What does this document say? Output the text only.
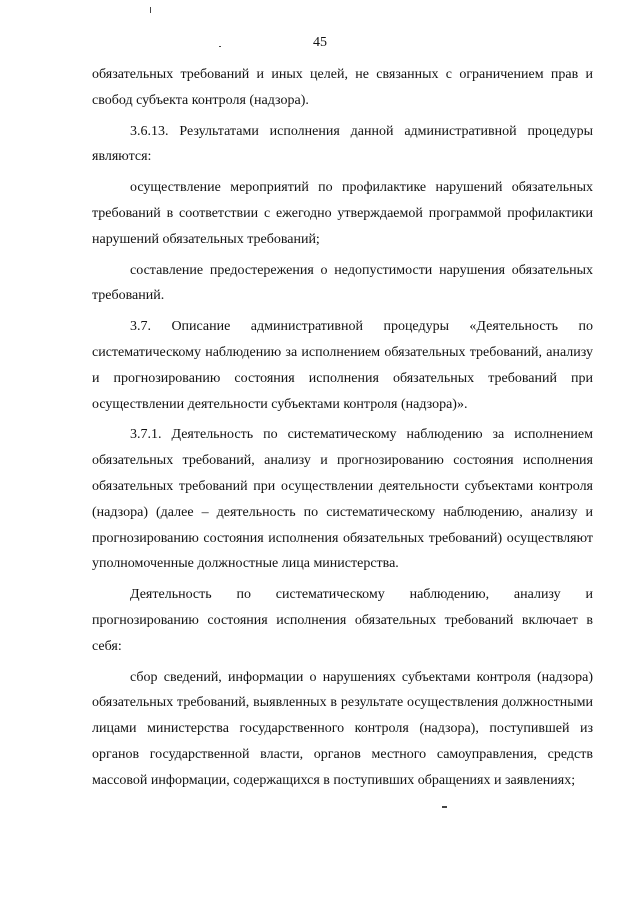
45

обязательных требований и иных целей, не связанных с ограничением прав и свобод субъекта контроля (надзора).

3.6.13. Результатами исполнения данной административной процедуры являются:

осуществление мероприятий по профилактике нарушений обязательных требований в соответствии с ежегодно утверждаемой программой профилактики нарушений обязательных требований;

составление предостережения о недопустимости нарушения обязательных требований.

3.7. Описание административной процедуры «Деятельность по систематическому наблюдению за исполнением обязательных требований, анализу и прогнозированию состояния исполнения обязательных требований при осуществлении деятельности субъектами контроля (надзора)».

3.7.1. Деятельность по систематическому наблюдению за исполнением обязательных требований, анализу и прогнозированию состояния исполнения обязательных требований при осуществлении деятельности субъектами контроля (надзора) (далее – деятельность по систематическому наблюдению, анализу и прогнозированию состояния исполнения обязательных требований) осуществляют уполномоченные должностные лица министерства.

Деятельность по систематическому наблюдению, анализу и прогнозированию состояния исполнения обязательных требований включает в себя:

сбор сведений, информации о нарушениях субъектами контроля (надзора) обязательных требований, выявленных в результате осуществления должностными лицами министерства государственного контроля (надзора), поступившей из органов государственной власти, органов местного самоуправления, средств массовой информации, содержащихся в поступивших обращениях и заявлениях;
